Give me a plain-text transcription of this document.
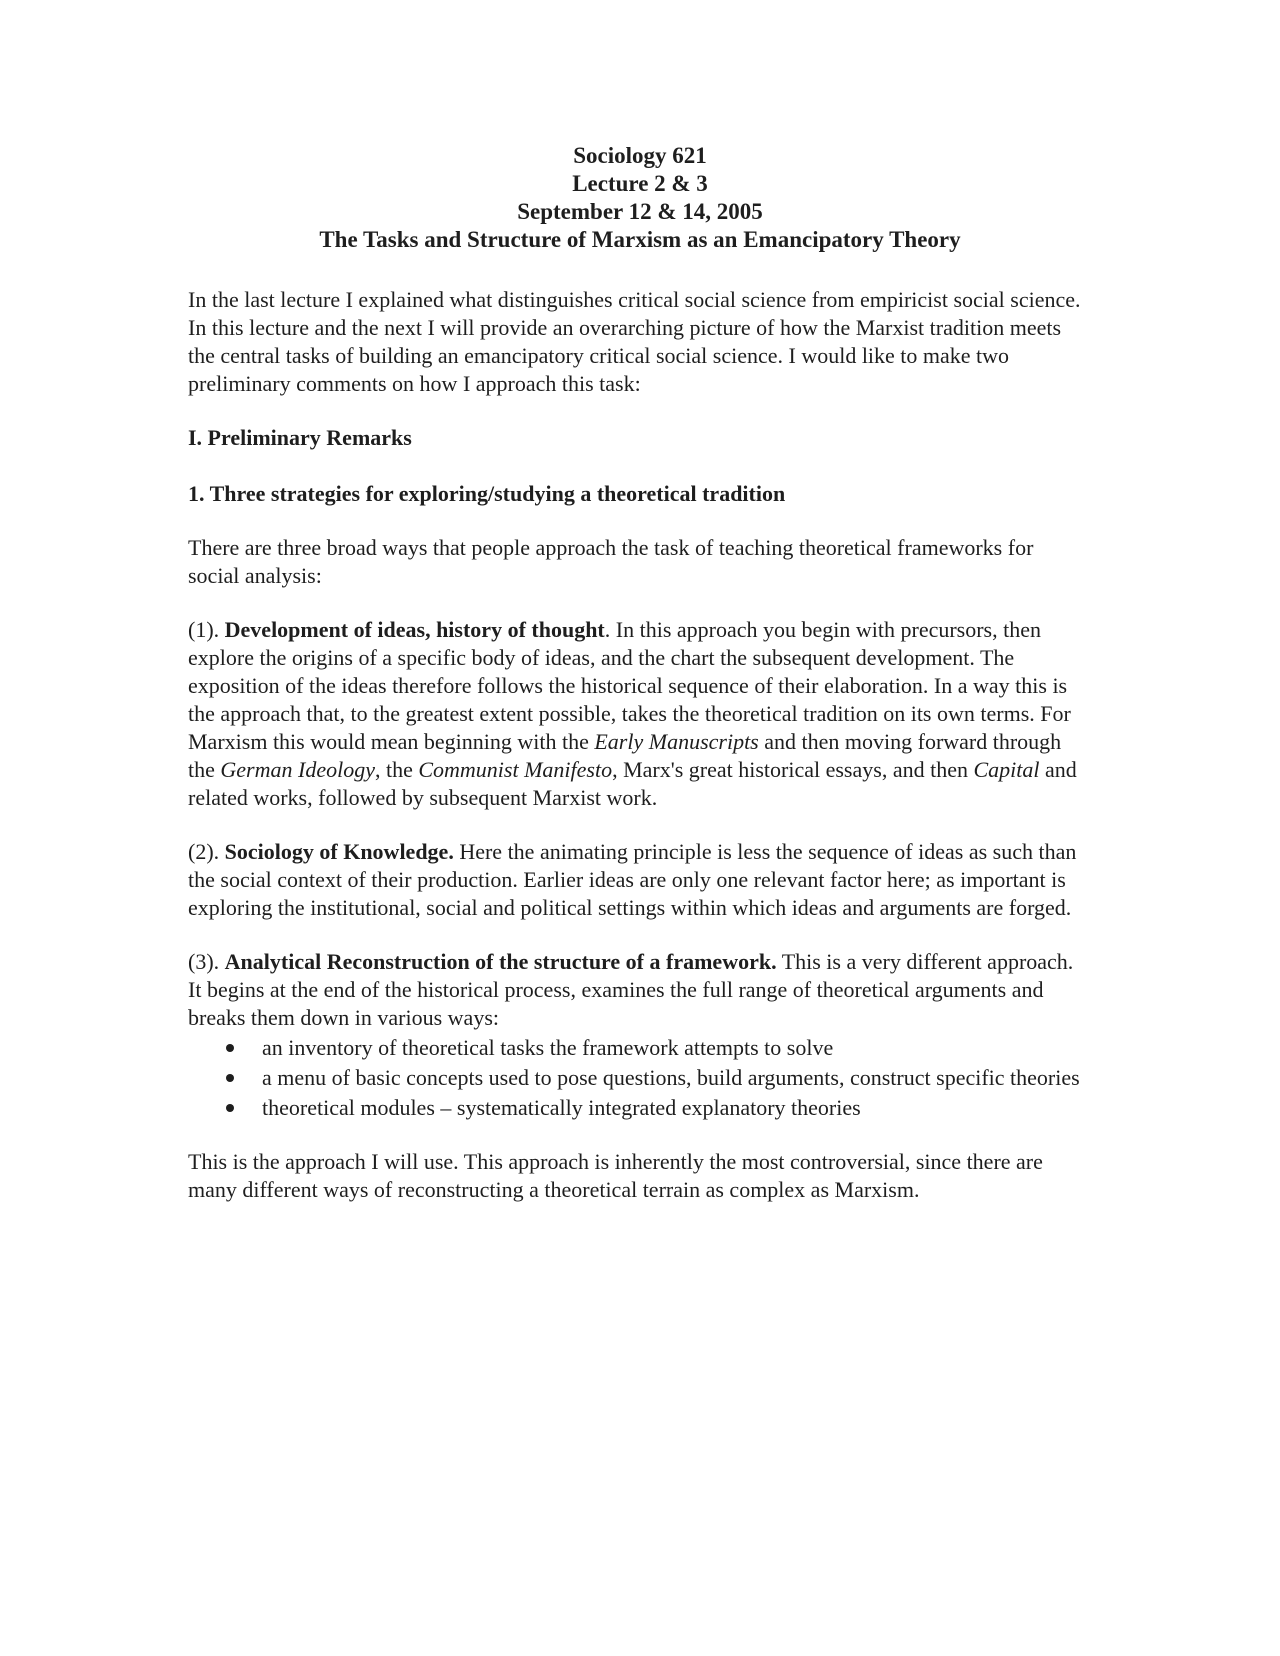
Sociology 621
Lecture 2 & 3
September 12 & 14, 2005
The Tasks and Structure of Marxism as an Emancipatory Theory

In the last lecture I explained what distinguishes critical social science from empiricist social science. In this lecture and the next I will provide an overarching picture of how the Marxist tradition meets the central tasks of building an emancipatory critical social science. I would like to make two preliminary comments on how I approach this task:

I. Preliminary Remarks

1. Three strategies for exploring/studying a theoretical tradition

There are three broad ways that people approach the task of teaching theoretical frameworks for social analysis:

(1). Development of ideas, history of thought. In this approach you begin with precursors, then explore the origins of a specific body of ideas, and the chart the subsequent development. The exposition of the ideas therefore follows the historical sequence of their elaboration. In a way this is the approach that, to the greatest extent possible, takes the theoretical tradition on its own terms. For Marxism this would mean beginning with the Early Manuscripts and then moving forward through the German Ideology, the Communist Manifesto, Marx's great historical essays, and then Capital and related works, followed by subsequent Marxist work.

(2). Sociology of Knowledge. Here the animating principle is less the sequence of ideas as such than the social context of their production. Earlier ideas are only one relevant factor here; as important is exploring the institutional, social and political settings within which ideas and arguments are forged.

(3). Analytical Reconstruction of the structure of a framework. This is a very different approach. It begins at the end of the historical process, examines the full range of theoretical arguments and breaks them down in various ways:

an inventory of theoretical tasks the framework attempts to solve
a menu of basic concepts used to pose questions, build arguments, construct specific theories
theoretical modules – systematically integrated explanatory theories

This is the approach I will use. This approach is inherently the most controversial, since there are many different ways of reconstructing a theoretical terrain as complex as Marxism.
